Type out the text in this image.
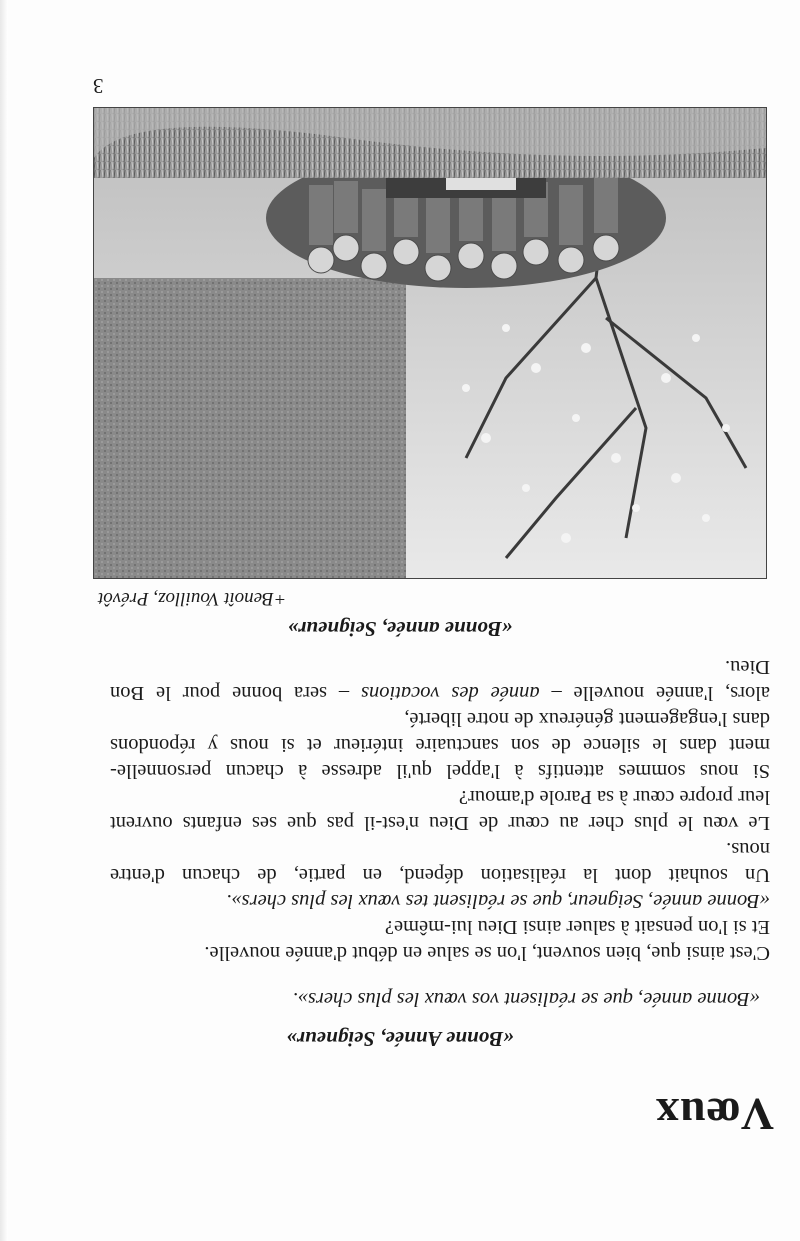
Vœux
«Bonne Année, Seigneur»
«Bonne année, que se réalisent vos vœux les plus chers».
C'est ainsi que, bien souvent, l'on se salue en début d'année nouvelle.
Et si l'on pensait à saluer ainsi Dieu lui-même?
«Bonne année, Seigneur, que se réalisent tes vœux les plus chers».
Un souhait dont la réalisation dépend, en partie, de chacun d'entre
nous.
Le vœu le plus cher au cœur de Dieu n'est-il pas que ses enfants ouvrent
leur propre cœur à sa Parole d'amour?
Si nous sommes attentifs à l'appel qu'il adresse à chacun personnelle-
ment dans le silence de son sanctuaire intérieur et si nous y répondons
dans l'engagement généreux de notre liberté,
alors, l'année nouvelle – année des vocations – sera bonne pour le Bon
Dieu.
«Bonne année, Seigneur»
+Benoît Vouilloz, Prévôt
3
